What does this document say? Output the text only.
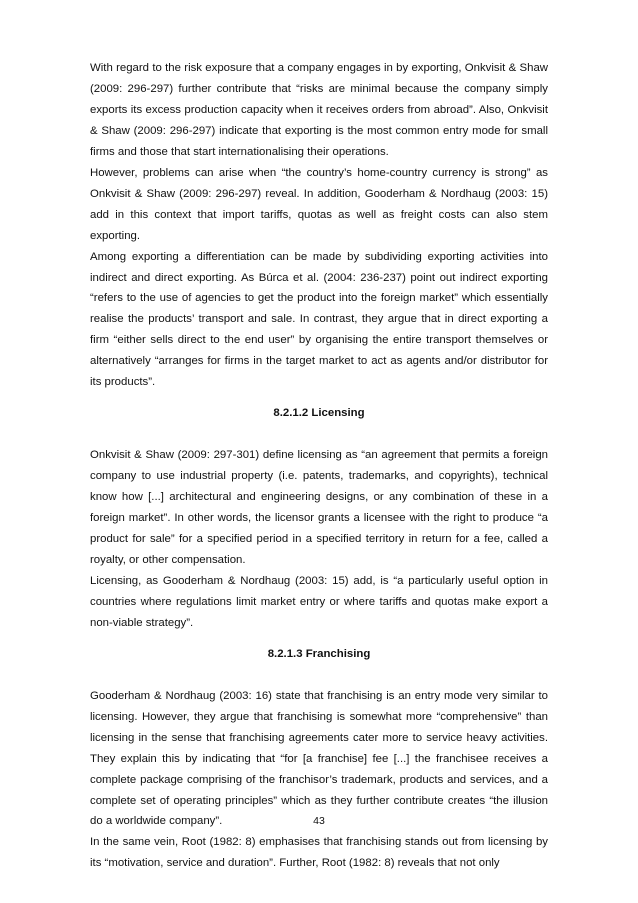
With regard to the risk exposure that a company engages in by exporting, Onkvisit & Shaw (2009: 296-297) further contribute that “risks are minimal because the company simply exports its excess production capacity when it receives orders from abroad”. Also, Onkvisit & Shaw (2009: 296-297) indicate that exporting is the most common entry mode for small firms and those that start internationalising their operations.

However, problems can arise when “the country’s home-country currency is strong” as Onkvisit & Shaw (2009: 296-297) reveal. In addition, Gooderham & Nordhaug (2003: 15) add in this context that import tariffs, quotas as well as freight costs can also stem exporting.

Among exporting a differentiation can be made by subdividing exporting activities into indirect and direct exporting. As Búrca et al. (2004: 236-237) point out indirect exporting “refers to the use of agencies to get the product into the foreign market” which essentially realise the products’ transport and sale. In contrast, they argue that in direct exporting a firm “either sells direct to the end user” by organising the entire transport themselves or alternatively “arranges for firms in the target market to act as agents and/or distributor for its products”.

8.2.1.2 Licensing

Onkvisit & Shaw (2009: 297-301) define licensing as “an agreement that permits a foreign company to use industrial property (i.e. patents, trademarks, and copyrights), technical know how [...] architectural and engineering designs, or any combination of these in a foreign market”. In other words, the licensor grants a licensee with the right to produce “a product for sale” for a specified period in a specified territory in return for a fee, called a royalty, or other compensation.

Licensing, as Gooderham & Nordhaug (2003: 15) add, is “a particularly useful option in countries where regulations limit market entry or where tariffs and quotas make export a non-viable strategy”.

8.2.1.3 Franchising

Gooderham & Nordhaug (2003: 16) state that franchising is an entry mode very similar to licensing. However, they argue that franchising is somewhat more “comprehensive” than licensing in the sense that franchising agreements cater more to service heavy activities. They explain this by indicating that “for [a franchise] fee [...] the franchisee receives a complete package comprising of the franchisor’s trademark, products and services, and a complete set of operating principles” which as they further contribute creates “the illusion do a worldwide company”.

In the same vein, Root (1982: 8) emphasises that franchising stands out from licensing by its “motivation, service and duration”. Further, Root (1982: 8) reveals that not only

43
